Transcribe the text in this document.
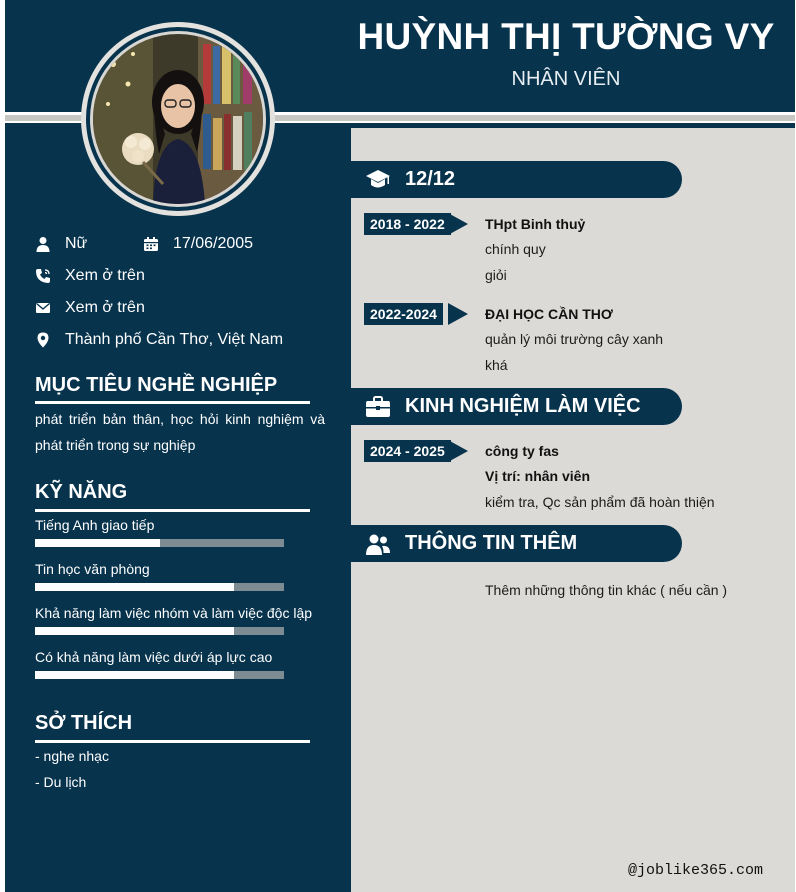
HUỲNH THỊ TƯỜNG VY
NHÂN VIÊN
Nữ	17/06/2005
Xem ở trên
Xem ở trên
Thành phố Cần Thơ, Việt Nam
MỤC TIÊU NGHỀ NGHIỆP
phát triển bản thân, học hỏi kinh nghiệm và phát triển trong sự nghiệp
KỸ NĂNG
Tiếng Anh giao tiếp
Tin học văn phòng
Khả năng làm việc nhóm và làm việc độc lập
Có khả năng làm việc dưới áp lực cao
SỞ THÍCH
- nghe nhạc
- Du lịch
12/12
2018 - 2022	THpt Binh thuỷ
chính quy
giỏi
2022-2024	ĐẠI HỌC CẦN THƠ
quản lý môi trường cây xanh
khá
KINH NGHIỆM LÀM VIỆC
2024 - 2025	công ty fas
Vị trí: nhân viên
kiểm tra, Qc sản phẩm đã hoàn thiện
THÔNG TIN THÊM
Thêm những thông tin khác ( nếu cần )
@joblike365.com
